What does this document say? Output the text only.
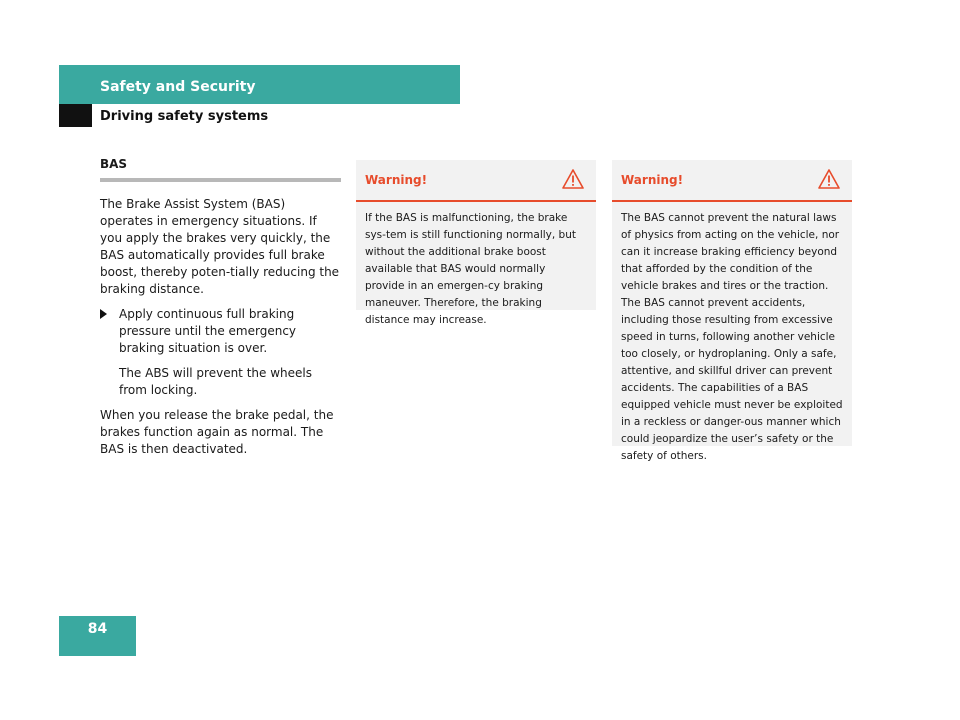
Safety and Security
Driving safety systems
BAS

The Brake Assist System (BAS) operates in emergency situations. If you apply the brakes very quickly, the BAS automatically provides full brake boost, thereby poten-tially reducing the braking distance.

Apply continuous full braking pressure until the emergency braking situation is over.

The ABS will prevent the wheels from locking.

When you release the brake pedal, the brakes function again as normal. The BAS is then deactivated.

Warning!
If the BAS is malfunctioning, the brake sys-tem is still functioning normally, but without the additional brake boost available that BAS would normally provide in an emergen-cy braking maneuver. Therefore, the braking distance may increase.
Warning!
The BAS cannot prevent the natural laws of physics from acting on the vehicle, nor can it increase braking efficiency beyond that afforded by the condition of the vehicle brakes and tires or the traction. The BAS cannot prevent accidents, including those resulting from excessive speed in turns, following another vehicle too closely, or hydroplaning. Only a safe, attentive, and skillful driver can prevent accidents. The capabilities of a BAS equipped vehicle must never be exploited in a reckless or danger-ous manner which could jeopardize the user’s safety or the safety of others.
84
